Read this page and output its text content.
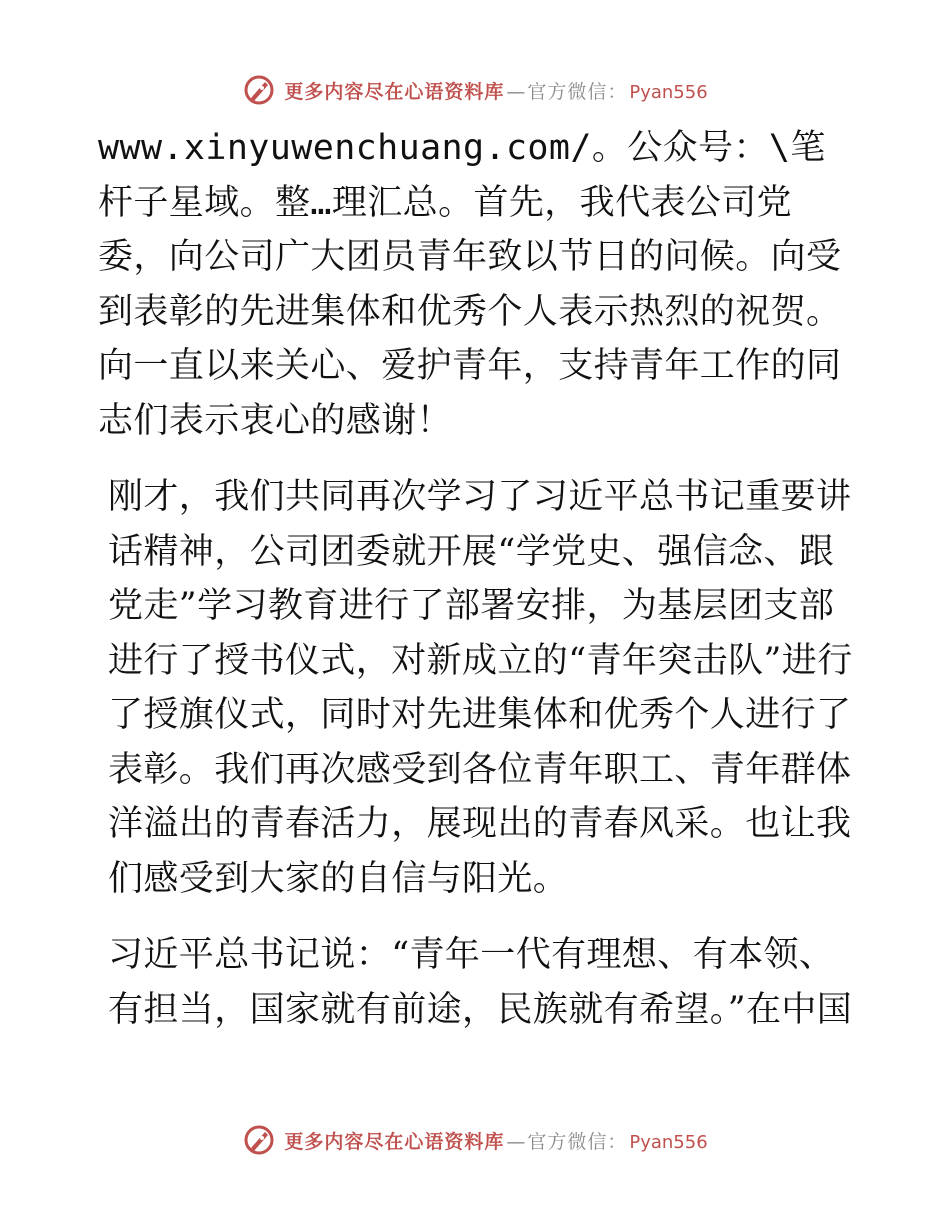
更多内容尽在心语资料库 — 官方微信： Pyan556

www.xinyuwenchuang.com/。公众号：\笔杆子星域。整…理汇总。首先，我代表公司党委，向公司广大团员青年致以节日的问候。向受到表彰的先进集体和优秀个人表示热烈的祝贺。向一直以来关心、爱护青年，支持青年工作的同志们表示衷心的感谢！

刚才，我们共同再次学习了习近平总书记重要讲话精神，公司团委就开展“学党史、强信念、跟党走”学习教育进行了部署安排，为基层团支部进行了授书仪式，对新成立的“青年突击队”进行了授旗仪式，同时对先进集体和优秀个人进行了表彰。我们再次感受到各位青年职工、青年群体洋溢出的青春活力，展现出的青春风采。也让我们感受到大家的自信与阳光。

习近平总书记说：“青年一代有理想、有本领、有担当，国家就有前途，民族就有希望。”在中国

更多内容尽在心语资料库 — 官方微信： Pyan556
